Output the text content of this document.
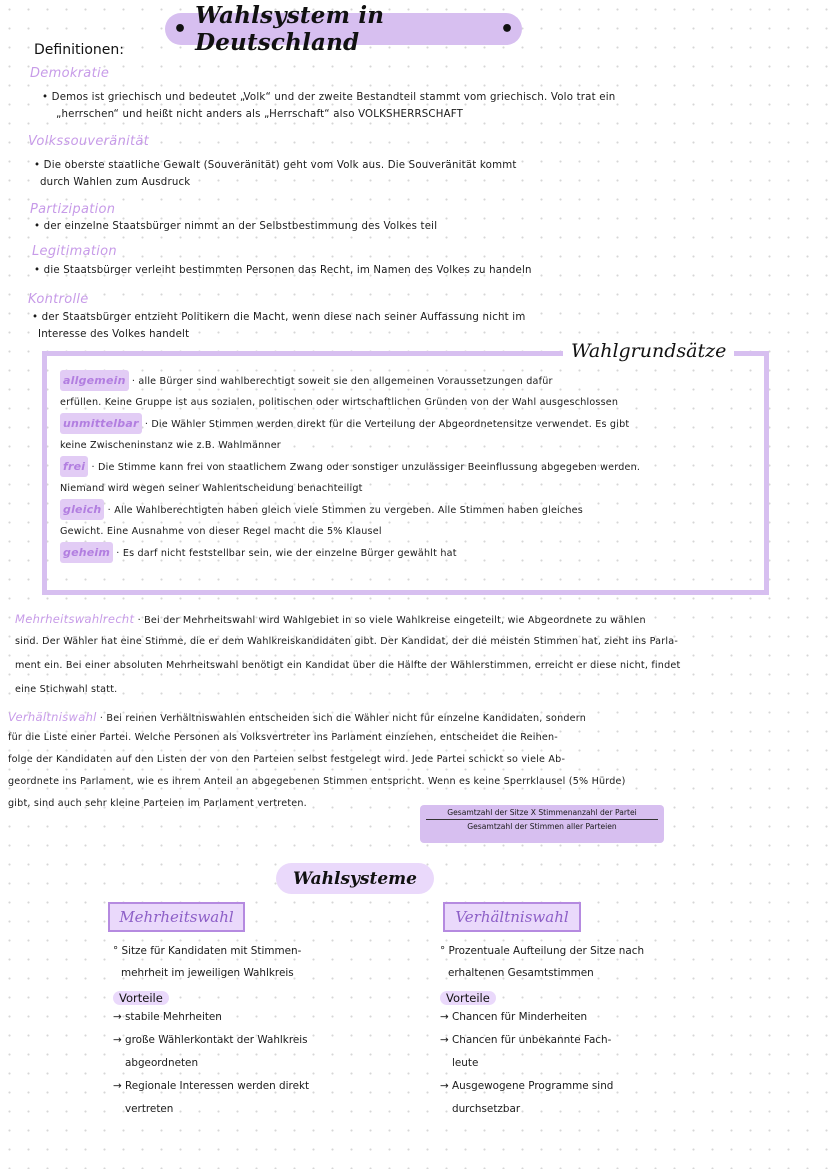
• Wahlsystem in Deutschland	•
Definitionen:
Demokratie
• Demos ist griechisch und bedeutet „Volk“ und der zweite Bestandteil stammt vom griechisch. Volo trat ein
„herrschen“ und heißt nicht anders als „Herrschaft“ also VOLKSHERRSCHAFT
Volkssouveränität
• Die oberste staatliche Gewalt (Souveränität) geht vom Volk aus. Die Souveränität kommt
durch Wahlen zum Ausdruck
Partizipation
• der einzelne Staatsbürger nimmt an der Selbstbestimmung des Volkes teil
Legitimation
• die Staatsbürger verleiht bestimmten Personen das Recht, im Namen des Volkes zu handeln
Kontrolle
• der Staatsbürger entzieht Politikern die Macht, wenn diese nach seiner Auffassung nicht im
Interesse des Volkes handelt
Wahlgrundsätze
allgemein · alle Bürger sind wahlberechtigt soweit sie den allgemeinen Voraussetzungen dafür
erfüllen. Keine Gruppe ist aus sozialen, politischen oder wirtschaftlichen Gründen von der Wahl ausgeschlossen
unmittelbar · Die Wähler Stimmen werden direkt für die Verteilung der Abgeordnetensitze verwendet. Es gibt
keine Zwischeninstanz wie z.B. Wahlmänner
frei · Die Stimme kann frei von staatlichem Zwang oder sonstiger unzulässiger Beeinflussung abgegeben werden.
Niemand wird wegen seiner Wahlentscheidung benachteiligt
gleich · Alle Wahlberechtigten haben gleich viele Stimmen zu vergeben. Alle Stimmen haben gleiches
Gewicht. Eine Ausnahme von dieser Regel macht die 5% Klausel
geheim · Es darf nicht feststellbar sein, wie der einzelne Bürger gewählt hat
Mehrheitswahlrecht · Bei der Mehrheitswahl wird Wahlgebiet in so viele Wahlkreise eingeteilt, wie Abgeordnete zu wählen
sind. Der Wähler hat eine Stimme, die er dem Wahlkreiskandidaten gibt. Der Kandidat, der die meisten Stimmen hat, zieht ins Parla-
ment ein. Bei einer absoluten Mehrheitswahl benötigt ein Kandidat über die Hälfte der Wählerstimmen, erreicht er diese nicht, findet
eine Stichwahl statt.
Verhältniswahl · Bei reinen Verhältniswahlen entscheiden sich die Wähler nicht für einzelne Kandidaten, sondern
für die Liste einer Partei. Welche Personen als Volksvertreter ins Parlament einziehen, entscheidet die Reihen-
folge der Kandidaten auf den Listen der von den Parteien selbst festgelegt wird. Jede Partei schickt so viele Ab-
geordnete ins Parlament, wie es ihrem Anteil an abgegebenen Stimmen entspricht. Wenn es keine Sperrklausel (5% Hürde)
gibt, sind auch sehr kleine Parteien im Parlament vertreten.
Gesamtzahl der Sitze X Stimmenanzahl der Partei
Gesamtzahl der Stimmen aller Parteien
Wahlsysteme
Mehrheitswahl
° Sitze für Kandidaten mit Stimmen-
mehrheit im jeweiligen Wahlkreis
Vorteile
→ stabile Mehrheiten
→ große Wählerkontakt der Wahlkreis
abgeordneten
→ Regionale Interessen werden direkt
vertreten
Verhältniswahl
° Prozentuale Aufteilung der Sitze nach
erhaltenen Gesamtstimmen
Vorteile
→ Chancen für Minderheiten
→ Chancen für unbekannte Fach-
leute
→ Ausgewogene Programme sind
durchsetzbar
